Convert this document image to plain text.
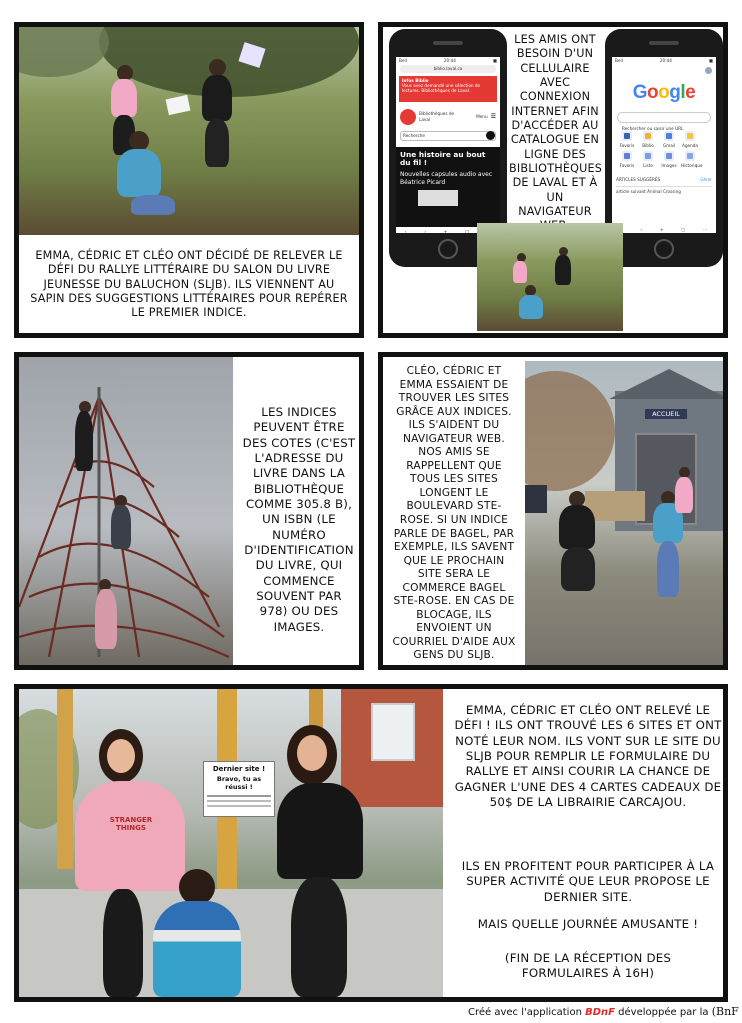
EMMA, CÉDRIC ET CLÉO ONT DÉCIDÉ DE RELEVER LE DÉFI DU RALLYE LITTÉRAIRE DU SALON DU LIVRE JEUNESSE DU BALUCHON (SLJB). ILS VIENNENT AU SAPIN DES SUGGESTIONS LITTÉRAIRES POUR REPÉRER LE PREMIER INDICE.
Bell	20:44	■
biblio.laval.ca
Infos Biblio
Vous avez demandé une sélection de lectures. Bibliothèques de Laval.
Bibliothèques de Laval
Menu ☰
Recherche
Une histoire au bout du fil !
Nouvelles capsules audio avec Béatrice Picard
‹	›	+	▢
Bell	20:44	■
Google
Rechercher ou saisir une URL
Favoris	Biblio	Gmail	Agenda
Favoris	Liste	Images	Historique
ARTICLES SUGGÉRÉS	Gérer
article suivant Animal Crossing
›	+	▢	⋯
LES AMIS ONT BESOIN D'UN CELLULAIRE AVEC CONNEXION INTERNET AFIN D'ACCÉDER AU CATALOGUE EN LIGNE DES BIBLIOTHÈQUES DE LAVAL ET À UN NAVIGATEUR
LES INDICES PEUVENT ÊTRE DES COTES (C'EST L'ADRESSE DU LIVRE DANS LA BIBLIOTHÈQUE COMME 305.8 B), UN ISBN (LE NUMÉRO D'IDENTIFICATION DU LIVRE, QUI COMMENCE SOUVENT PAR 978) OU DES IMAGES.
CLÉO, CÉDRIC ET EMMA ESSAIENT DE TROUVER LES SITES GRÂCE AUX INDICES. ILS S'AIDENT DU NAVIGATEUR WEB. NOS AMIS SE RAPPELLENT QUE TOUS LES SITES LONGENT LE BOULEVARD STE-ROSE. SI UN INDICE PARLE DE BAGEL, PAR EXEMPLE, ILS SAVENT QUE LE PROCHAIN SITE SERA LE COMMERCE BAGEL STE-ROSE. EN CAS DE BLOCAGE, ILS ENVOIENT UN COURRIEL D'AIDE AUX GENS DU SLJB.
ACCUEIL
Dernier site !
Bravo, tu as réussi !
STRANGER THINGS
EMMA, CÉDRIC ET CLÉO ONT RELEVÉ LE DÉFI ! ILS ONT TROUVÉ LES 6 SITES ET ONT NOTÉ LEUR NOM. ILS VONT SUR LE SITE DU SLJB POUR REMPLIR LE FORMULAIRE DU RALLYE ET AINSI COURIR LA CHANCE DE GAGNER L'UNE DES 4 CARTES CADEAUX DE 50$ DE LA LIBRAIRIE CARCAJOU.
ILS EN PROFITENT POUR PARTICIPER À LA SUPER ACTIVITÉ QUE LEUR PROPOSE LE DERNIER SITE.
MAIS QUELLE JOURNÉE AMUSANTE !
(FIN DE LA RÉCEPTION DES FORMULAIRES À 16H)
Créé avec l'application BDnF développée par la (BnF
